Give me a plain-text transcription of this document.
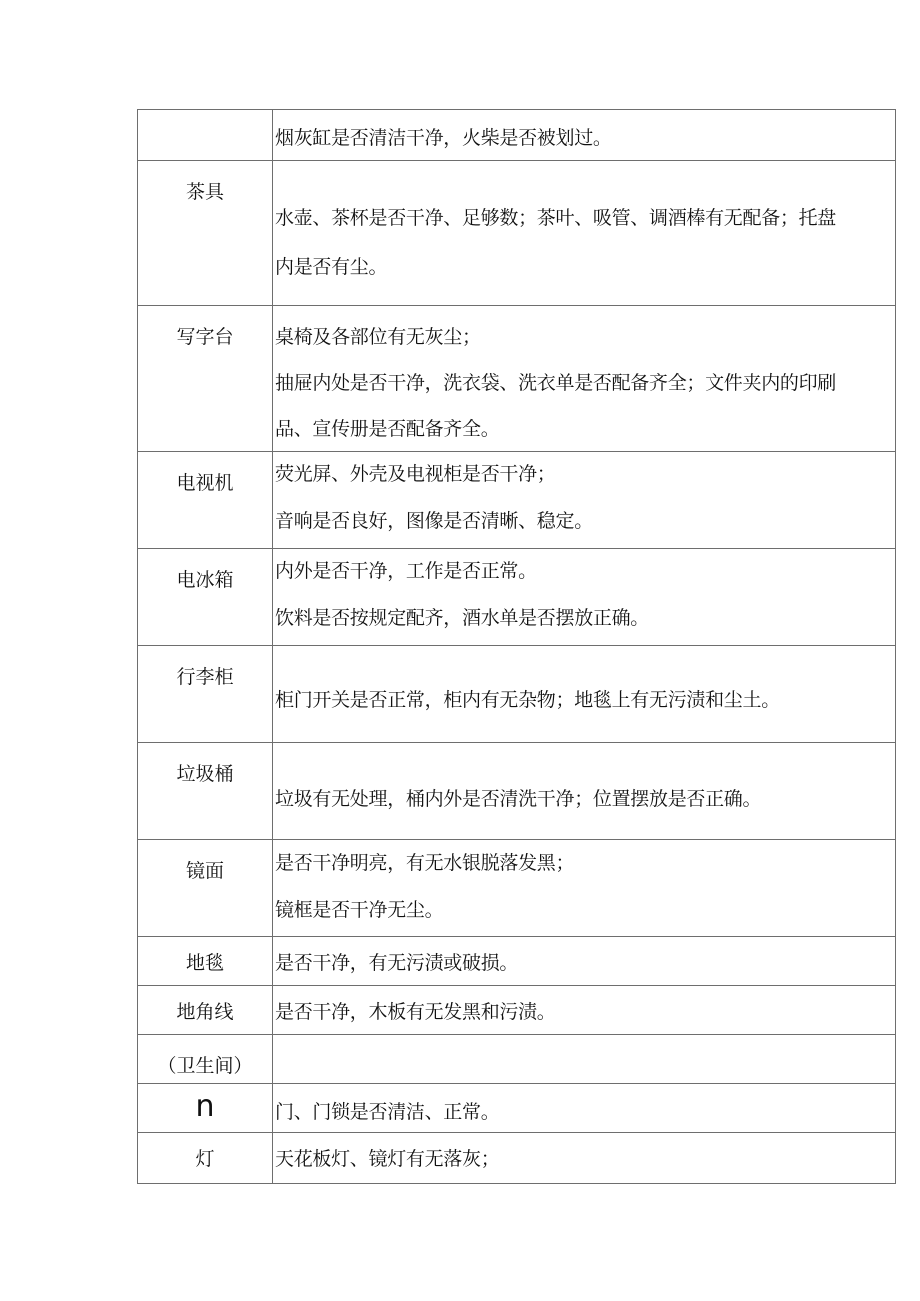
	烟灰缸是否清洁干净，火柴是否被划过。

茶具	水壶、茶杯是否干净、足够数；茶叶、吸管、调酒棒有无配备；托盘
内是否有尘。

写字台	桌椅及各部位有无灰尘；
抽屉内处是否干净，洗衣袋、洗衣单是否配备齐全；文件夹内的印刷
品、宣传册是否配备齐全。

电视机	荧光屏、外壳及电视柜是否干净；
音响是否良好，图像是否清晰、稳定。

电冰箱	内外是否干净，工作是否正常。
饮料是否按规定配齐，酒水单是否摆放正确。

行李柜	柜门开关是否正常，柜内有无杂物；地毯上有无污渍和尘土。

垃圾桶	垃圾有无处理，桶内外是否清洗干净；位置摆放是否正确。

镜面	是否干净明亮，有无水银脱落发黑；
镜框是否干净无尘。

地毯	是否干净，有无污渍或破损。

地角线	是否干净，木板有无发黑和污渍。

（卫生间）	

n	门、门锁是否清洁、正常。

灯	天花板灯、镜灯有无落灰；
